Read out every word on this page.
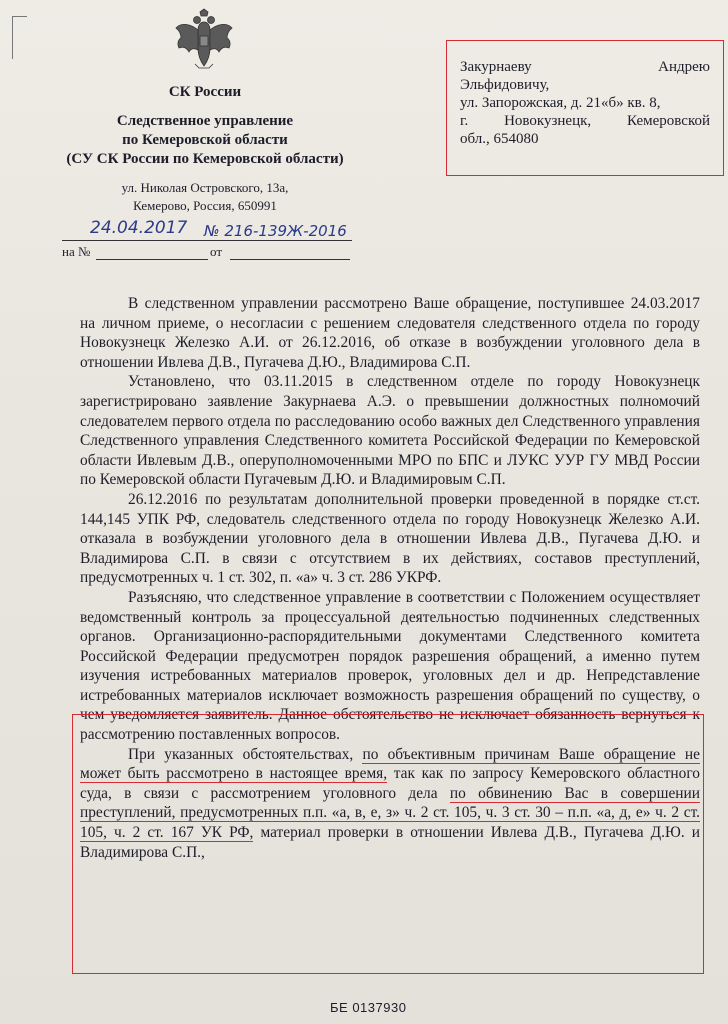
СК России
Следственное управление
по Кемеровской области
(СУ СК России по Кемеровской области)
ул. Николая Островского, 13а,
Кемерово, Россия, 650991
24.04.2017 № 216-139Ж-2016
на №	от
Закурнаеву	Андрею
Эльфидовичу,
ул. Запорожская, д. 21«б» кв. 8,
г. Новокузнецк, Кемеровской
обл., 654080

В следственном управлении рассмотрено Ваше обращение, поступившее 24.03.2017 на личном приеме, о несогласии с решением следователя следственного отдела по городу Новокузнецк Железко А.И. от 26.12.2016, об отказе в возбуждении уголовного дела в отношении Ивлева Д.В., Пугачева Д.Ю., Владимирова С.П.

Установлено, что 03.11.2015 в следственном отделе по городу Новокузнецк зарегистрировано заявление Закурнаева А.Э. о превышении должностных полномочий следователем первого отдела по расследованию особо важных дел Следственного управления Следственного управления Следственного комитета Российской Федерации по Кемеровской области Ивлевым Д.В., оперуполномоченными МРО по БПС и ЛУКС УУР ГУ МВД России по Кемеровской области Пугачевым Д.Ю. и Владимировым С.П.

26.12.2016 по результатам дополнительной проверки проведенной в порядке ст.ст. 144,145 УПК РФ, следователь следственного отдела по городу Новокузнецк Железко А.И. отказала в возбуждении уголовного дела в отношении Ивлева Д.В., Пугачева Д.Ю. и Владимирова С.П. в связи с отсутствием в их действиях, составов преступлений, предусмотренных ч. 1 ст. 302, п. «а» ч. 3 ст. 286 УКРФ.

Разъясняю, что следственное управление в соответствии с Положением осуществляет ведомственный контроль за процессуальной деятельностью подчиненных следственных органов. Организационно-распорядительными документами Следственного комитета Российской Федерации предусмотрен порядок разрешения обращений, а именно путем изучения истребованных материалов проверок, уголовных дел и др. Непредставление истребованных материалов исключает возможность разрешения обращений по существу, о чем уведомляется заявитель. Данное обстоятельство не исключает обязанность вернуться к рассмотрению поставленных вопросов.

При указанных обстоятельствах, по объективным причинам Ваше обращение не может быть рассмотрено в настоящее время, так как по запросу Кемеровского областного суда, в связи с рассмотрением уголовного дела по обвинению Вас в совершении преступлений, предусмотренных п.п. «а, в, е, з» ч. 2 ст. 105, ч. 3 ст. 30 – п.п. «а, д, е» ч. 2 ст. 105, ч. 2 ст. 167 УК РФ, материал проверки в отношении Ивлева Д.В., Пугачева Д.Ю. и Владимирова С.П.,

БЕ 0137930
